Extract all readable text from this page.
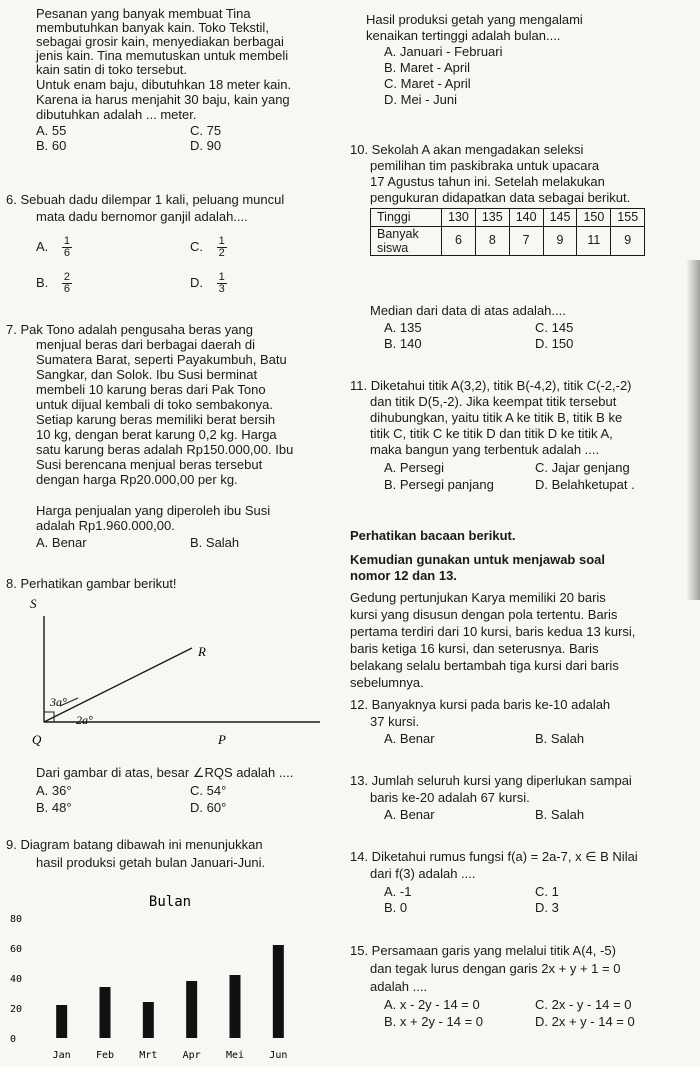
Pesanan yang banyak membuat Tina
membutuhkan banyak kain. Toko Tekstil,
sebagai grosir kain, menyediakan berbagai
jenis kain. Tina memutuskan untuk membeli
kain satin di toko tersebut.
Untuk enam baju, dibutuhkan 18 meter kain.
Karena ia harus menjahit 30 baju, kain yang
dibutuhkan adalah ... meter.
A. 55	C. 75
B. 60	D. 90
6. Sebuah dadu dilempar 1 kali, peluang muncul
mata dadu bernomor ganjil adalah....
A. $\frac{1}{6}$	C. $\frac{1}{2}$
B. $\frac{2}{6}$	D. $\frac{1}{3}$
7. Pak Tono adalah pengusaha beras yang
menjual beras dari berbagai daerah di
Sumatera Barat, seperti Payakumbuh, Batu
Sangkar, dan Solok. Ibu Susi berminat
membeli 10 karung beras dari Pak Tono
untuk dijual kembali di toko sembakonya.
Setiap karung beras memiliki berat bersih
10 kg, dengan berat karung 0,2 kg. Harga
satu karung beras adalah Rp150.000,00. Ibu
Susi berencana menjual beras tersebut
dengan harga Rp20.000,00 per kg.
Harga penjualan yang diperoleh ibu Susi
adalah Rp1.960.000,00.
A. Benar	B. Salah
8. Perhatikan gambar berikut!
S
R
Q	P
3a°
2a°
Dari gambar di atas, besar ∠RQS adalah ....
A. 36°	C. 54°
B. 48°	D. 60°
9. Diagram batang dibawah ini menunjukkan
hasil produksi getah bulan Januari-Juni.
Bulan
0
20
40
60
80
Jan	Feb	Mrt	Apr	Mei	Jun
Hasil produksi getah yang mengalami
kenaikan tertinggi adalah bulan....
A. Januari - Februari
B. Maret - April
C. Maret - April
D. Mei - Juni
10. Sekolah A akan mengadakan seleksi
pemilihan tim paskibraka untuk upacara
17 Agustus tahun ini. Setelah melakukan
pengukuran didapatkan data sebagai berikut.
Tinggi	130	135	140	145	150	155
Banyak siswa	6	8	7	9	11	9
Median dari data di atas adalah....
A. 135	C. 145
B. 140	D. 150
11. Diketahui titik A(3,2), titik B(-4,2), titik C(-2,-2)
dan titik D(5,-2). Jika keempat titik tersebut
dihubungkan, yaitu titik A ke titik B, titik B ke
titik C, titik C ke titik D dan titik D ke titik A,
maka bangun yang terbentuk adalah ....
A. Persegi	C. Jajar genjang
B. Persegi panjang	D. Belahketupat .
Perhatikan bacaan berikut.
Kemudian gunakan untuk menjawab soal
nomor 12 dan 13.
Gedung pertunjukan Karya memiliki 20 baris
kursi yang disusun dengan pola tertentu. Baris
pertama terdiri dari 10 kursi, baris kedua 13 kursi,
baris ketiga 16 kursi, dan seterusnya. Baris
belakang selalu bertambah tiga kursi dari baris
sebelumnya.
12. Banyaknya kursi pada baris ke-10 adalah
37 kursi.
A. Benar	B. Salah
13. Jumlah seluruh kursi yang diperlukan sampai
baris ke-20 adalah 67 kursi.
A. Benar	B. Salah
14. Diketahui rumus fungsi f(a) = 2a-7, x ∈ B Nilai
dari f(3) adalah ....
A. -1	C. 1
B. 0	D. 3
15. Persamaan garis yang melalui titik A(4, -5)
dan tegak lurus dengan garis 2x + y + 1 = 0
adalah ....
A. x - 2y - 14 = 0	C. 2x - y - 14 = 0
B. x + 2y - 14 = 0	D. 2x + y - 14 = 0
